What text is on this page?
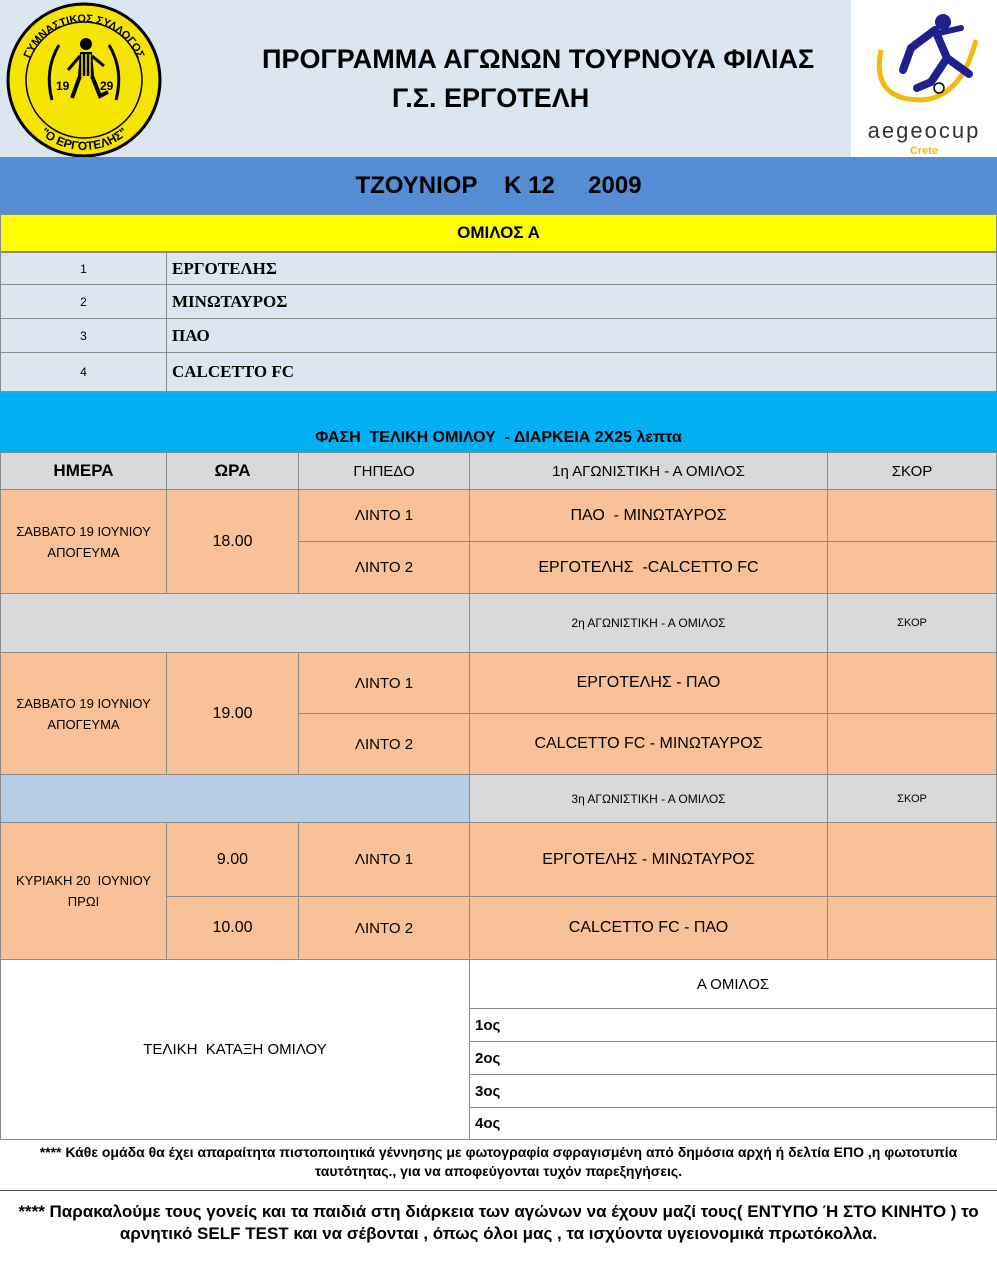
ΓΥΜΝΑΣΤΙΚΟΣ ΣΥΛΛΟΓΟΣ
"Ο ΕΡΓΟΤΕΛΗΣ"
19	29
ΠΡΟΓΡΑΜΜΑ ΑΓΩΝΩΝ ΤΟΥΡΝΟΥΑ ΦΙΛΙΑΣ
Γ.Σ. ΕΡΓΟΤΕΛΗ
aegeocup
Crete
ΤΖΟΥΝΙΟΡ    Κ 12     2009
ΟΜΙΛΟΣ Α
1	ΕΡΓΟΤΕΛΗΣ
2	ΜΙΝΩΤΑΥΡΟΣ
3	ΠΑΟ
4	CALCETTO FC
ΦΑΣΗ  ΤΕΛΙΚΗ ΟΜΙΛΟΥ  - ΔΙΑΡΚΕΙΑ 2Χ25 λεπτα
ΗΜΕΡΑ	ΩΡΑ	ΓΗΠΕΔΟ	1η ΑΓΩΝΙΣΤΙΚΗ - Α ΟΜΙΛΟΣ	ΣΚΟΡ
ΣΑΒΒΑΤΟ 19 ΙΟΥΝΙΟΥ
ΑΠΟΓΕΥΜΑ
18.00
ΛΙΝΤΟ 1	ΠΑΟ  - ΜΙΝΩΤΑΥΡΟΣ
ΛΙΝΤΟ 2	ΕΡΓΟΤΕΛΗΣ  -CALCETTO FC
2η ΑΓΩΝΙΣΤΙΚΗ - Α ΟΜΙΛΟΣ	ΣΚΟΡ
ΣΑΒΒΑΤΟ 19 ΙΟΥΝΙΟΥ
ΑΠΟΓΕΥΜΑ
19.00
ΛΙΝΤΟ 1	ΕΡΓΟΤΕΛΗΣ - ΠΑΟ
ΛΙΝΤΟ 2	CALCETTO FC - ΜΙΝΩΤΑΥΡΟΣ
3η ΑΓΩΝΙΣΤΙΚΗ - Α ΟΜΙΛΟΣ	ΣΚΟΡ
ΚΥΡΙΑΚΗ 20  ΙΟΥΝΙΟΥ
ΠΡΩΙ
9.00	ΛΙΝΤΟ 1	ΕΡΓΟΤΕΛΗΣ - ΜΙΝΩΤΑΥΡΟΣ
10.00	ΛΙΝΤΟ 2	CALCETTO FC - ΠΑΟ
ΤΕΛΙΚΗ  ΚΑΤΑΞΗ ΟΜΙΛΟΥ
Α ΟΜΙΛΟΣ
1ος
2ος
3ος
4ος
**** Κάθε ομάδα θα έχει απαραίτητα πιστοποιητικά γέννησης με φωτογραφία σφραγισμένη από δημόσια αρχή ή δελτία ΕΠΟ ,η φωτοτυπία ταυτότητας., για να αποφεύγονται τυχόν παρεξηγήσεις.
**** Παρακαλούμε τους γονείς και τα παιδιά στη διάρκεια των αγώνων να έχουν μαζί τους( ΕΝΤΥΠΟ Ή ΣΤΟ ΚΙΝΗΤΟ ) το αρνητικό SELF TEST και να σέβονται , όπως όλοι μας , τα ισχύοντα υγειονομικά πρωτόκολλα.
